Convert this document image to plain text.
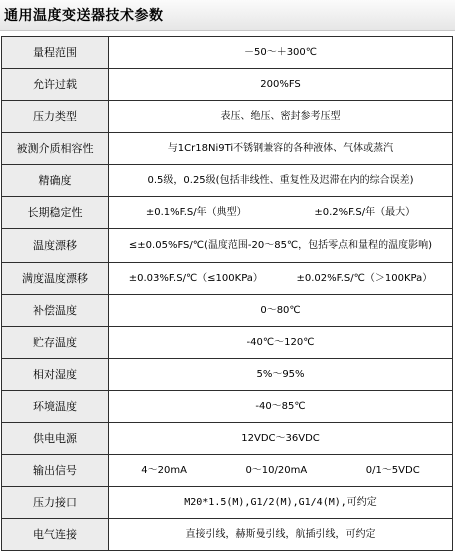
通用温度变送器技术参数
量程范围	－50～＋300℃
允许过载	200%FS
压力类型	表压、绝压、密封参考压型
被测介质相容性	与1Cr18Ni9Ti不锈钢兼容的各种液体、气体或蒸汽
精确度	0.5级，0.25级(包括非线性、重复性及迟滞在内的综合误差)
长期稳定性	±0.1%F.S/年（典型） ±0.2%F.S/年（最大）

温度漂移	≤±0.05%FS/℃(温度范围-20～85℃，包括零点和量程的温度影响)
满度温度漂移	±0.03%F.S/℃（≤100KPa） ±0.02%F.S/℃（＞100KPa）

补偿温度	0～80℃
贮存温度	-40℃～120℃
相对湿度	5%～95%
环境温度	-40～85℃
供电电源	12VDC～36VDC
输出信号	4～20mA 0～10/20mA 0/1～5VDC

压力接口	M20*1.5(M),G1/2(M),G1/4(M),可约定
电气连接	直接引线，赫斯曼引线，航插引线，可约定
